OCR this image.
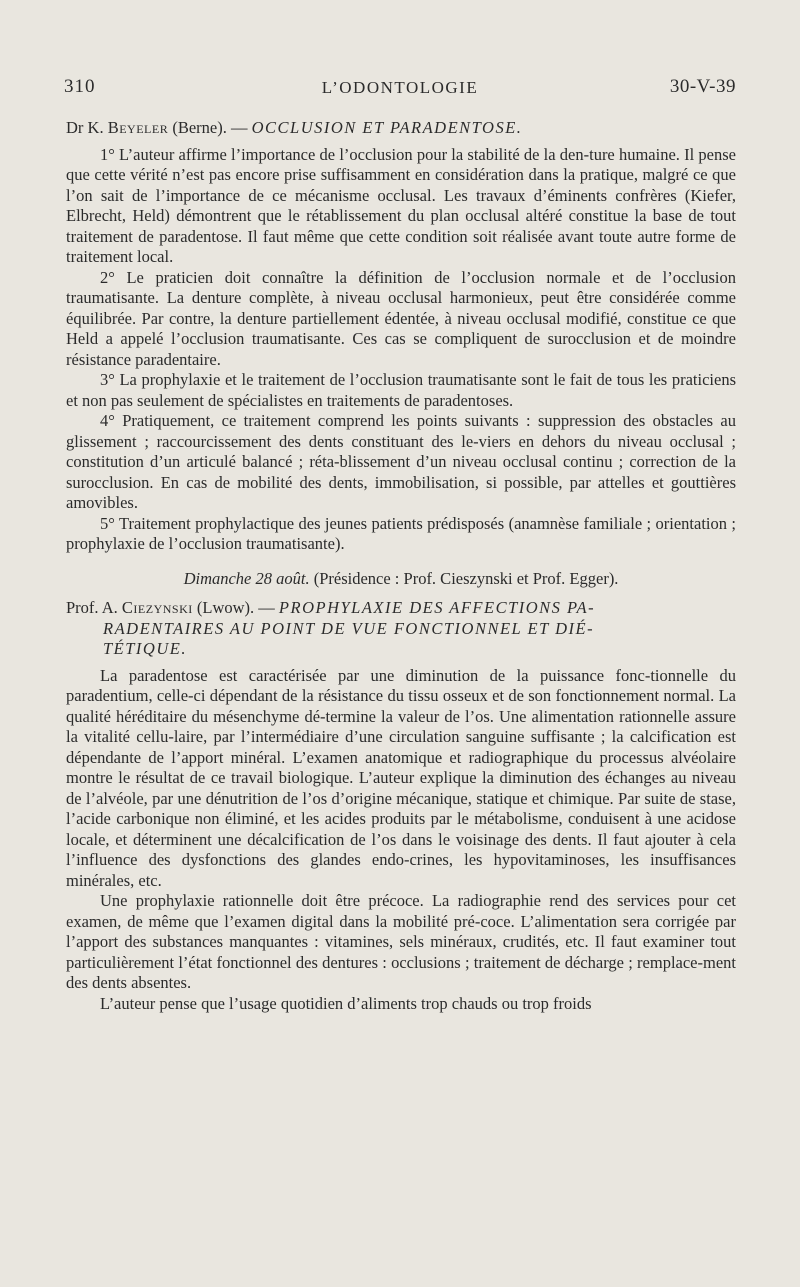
310	L’ODONTOLOGIE	30-V-39

Dr K. Beyeler (Berne). — OCCLUSION ET PARADENTOSE.

1° L’auteur affirme l’importance de l’occlusion pour la stabilité de la den-ture humaine. Il pense que cette vérité n’est pas encore prise suffisamment en considération dans la pratique, malgré ce que l’on sait de l’importance de ce mécanisme occlusal. Les travaux d’éminents confrères (Kiefer, Elbrecht, Held) démontrent que le rétablissement du plan occlusal altéré constitue la base de tout traitement de paradentose. Il faut même que cette condition soit réalisée avant toute autre forme de traitement local.

2° Le praticien doit connaître la définition de l’occlusion normale et de l’occlusion traumatisante. La denture complète, à niveau occlusal harmonieux, peut être considérée comme équilibrée. Par contre, la denture partiellement édentée, à niveau occlusal modifié, constitue ce que Held a appelé l’occlusion traumatisante. Ces cas se compliquent de surocclusion et de moindre résistance paradentaire.

3° La prophylaxie et le traitement de l’occlusion traumatisante sont le fait de tous les praticiens et non pas seulement de spécialistes en traitements de paradentoses.

4° Pratiquement, ce traitement comprend les points suivants : suppression des obstacles au glissement ; raccourcissement des dents constituant des le-viers en dehors du niveau occlusal ; constitution d’un articulé balancé ; réta-blissement d’un niveau occlusal continu ; correction de la surocclusion. En cas de mobilité des dents, immobilisation, si possible, par attelles et gouttières amovibles.

5° Traitement prophylactique des jeunes patients prédisposés (anamnèse familiale ; orientation ; prophylaxie de l’occlusion traumatisante).

Dimanche 28 août. (Présidence : Prof. Cieszynski et Prof. Egger).

Prof. A. Ciezynski (Lwow). — PROPHYLAXIE DES AFFECTIONS PA-
RADENTAIRES AU POINT DE VUE FONCTIONNEL ET DIÉ-
TÉTIQUE.

La paradentose est caractérisée par une diminution de la puissance fonc-tionnelle du paradentium, celle-ci dépendant de la résistance du tissu osseux et de son fonctionnement normal. La qualité héréditaire du mésenchyme dé-termine la valeur de l’os. Une alimentation rationnelle assure la vitalité cellu-laire, par l’intermédiaire d’une circulation sanguine suffisante ; la calcification est dépendante de l’apport minéral. L’examen anatomique et radiographique du processus alvéolaire montre le résultat de ce travail biologique. L’auteur explique la diminution des échanges au niveau de l’alvéole, par une dénutrition de l’os d’origine mécanique, statique et chimique. Par suite de stase, l’acide carbonique non éliminé, et les acides produits par le métabolisme, conduisent à une acidose locale, et déterminent une décalcification de l’os dans le voisinage des dents. Il faut ajouter à cela l’influence des dysfonctions des glandes endo-crines, les hypovitaminoses, les insuffisances minérales, etc.

Une prophylaxie rationnelle doit être précoce. La radiographie rend des services pour cet examen, de même que l’examen digital dans la mobilité pré-coce. L’alimentation sera corrigée par l’apport des substances manquantes : vitamines, sels minéraux, crudités, etc. Il faut examiner tout particulièrement l’état fonctionnel des dentures : occlusions ; traitement de décharge ; remplace-ment des dents absentes.

L’auteur pense que l’usage quotidien d’aliments trop chauds ou trop froids
